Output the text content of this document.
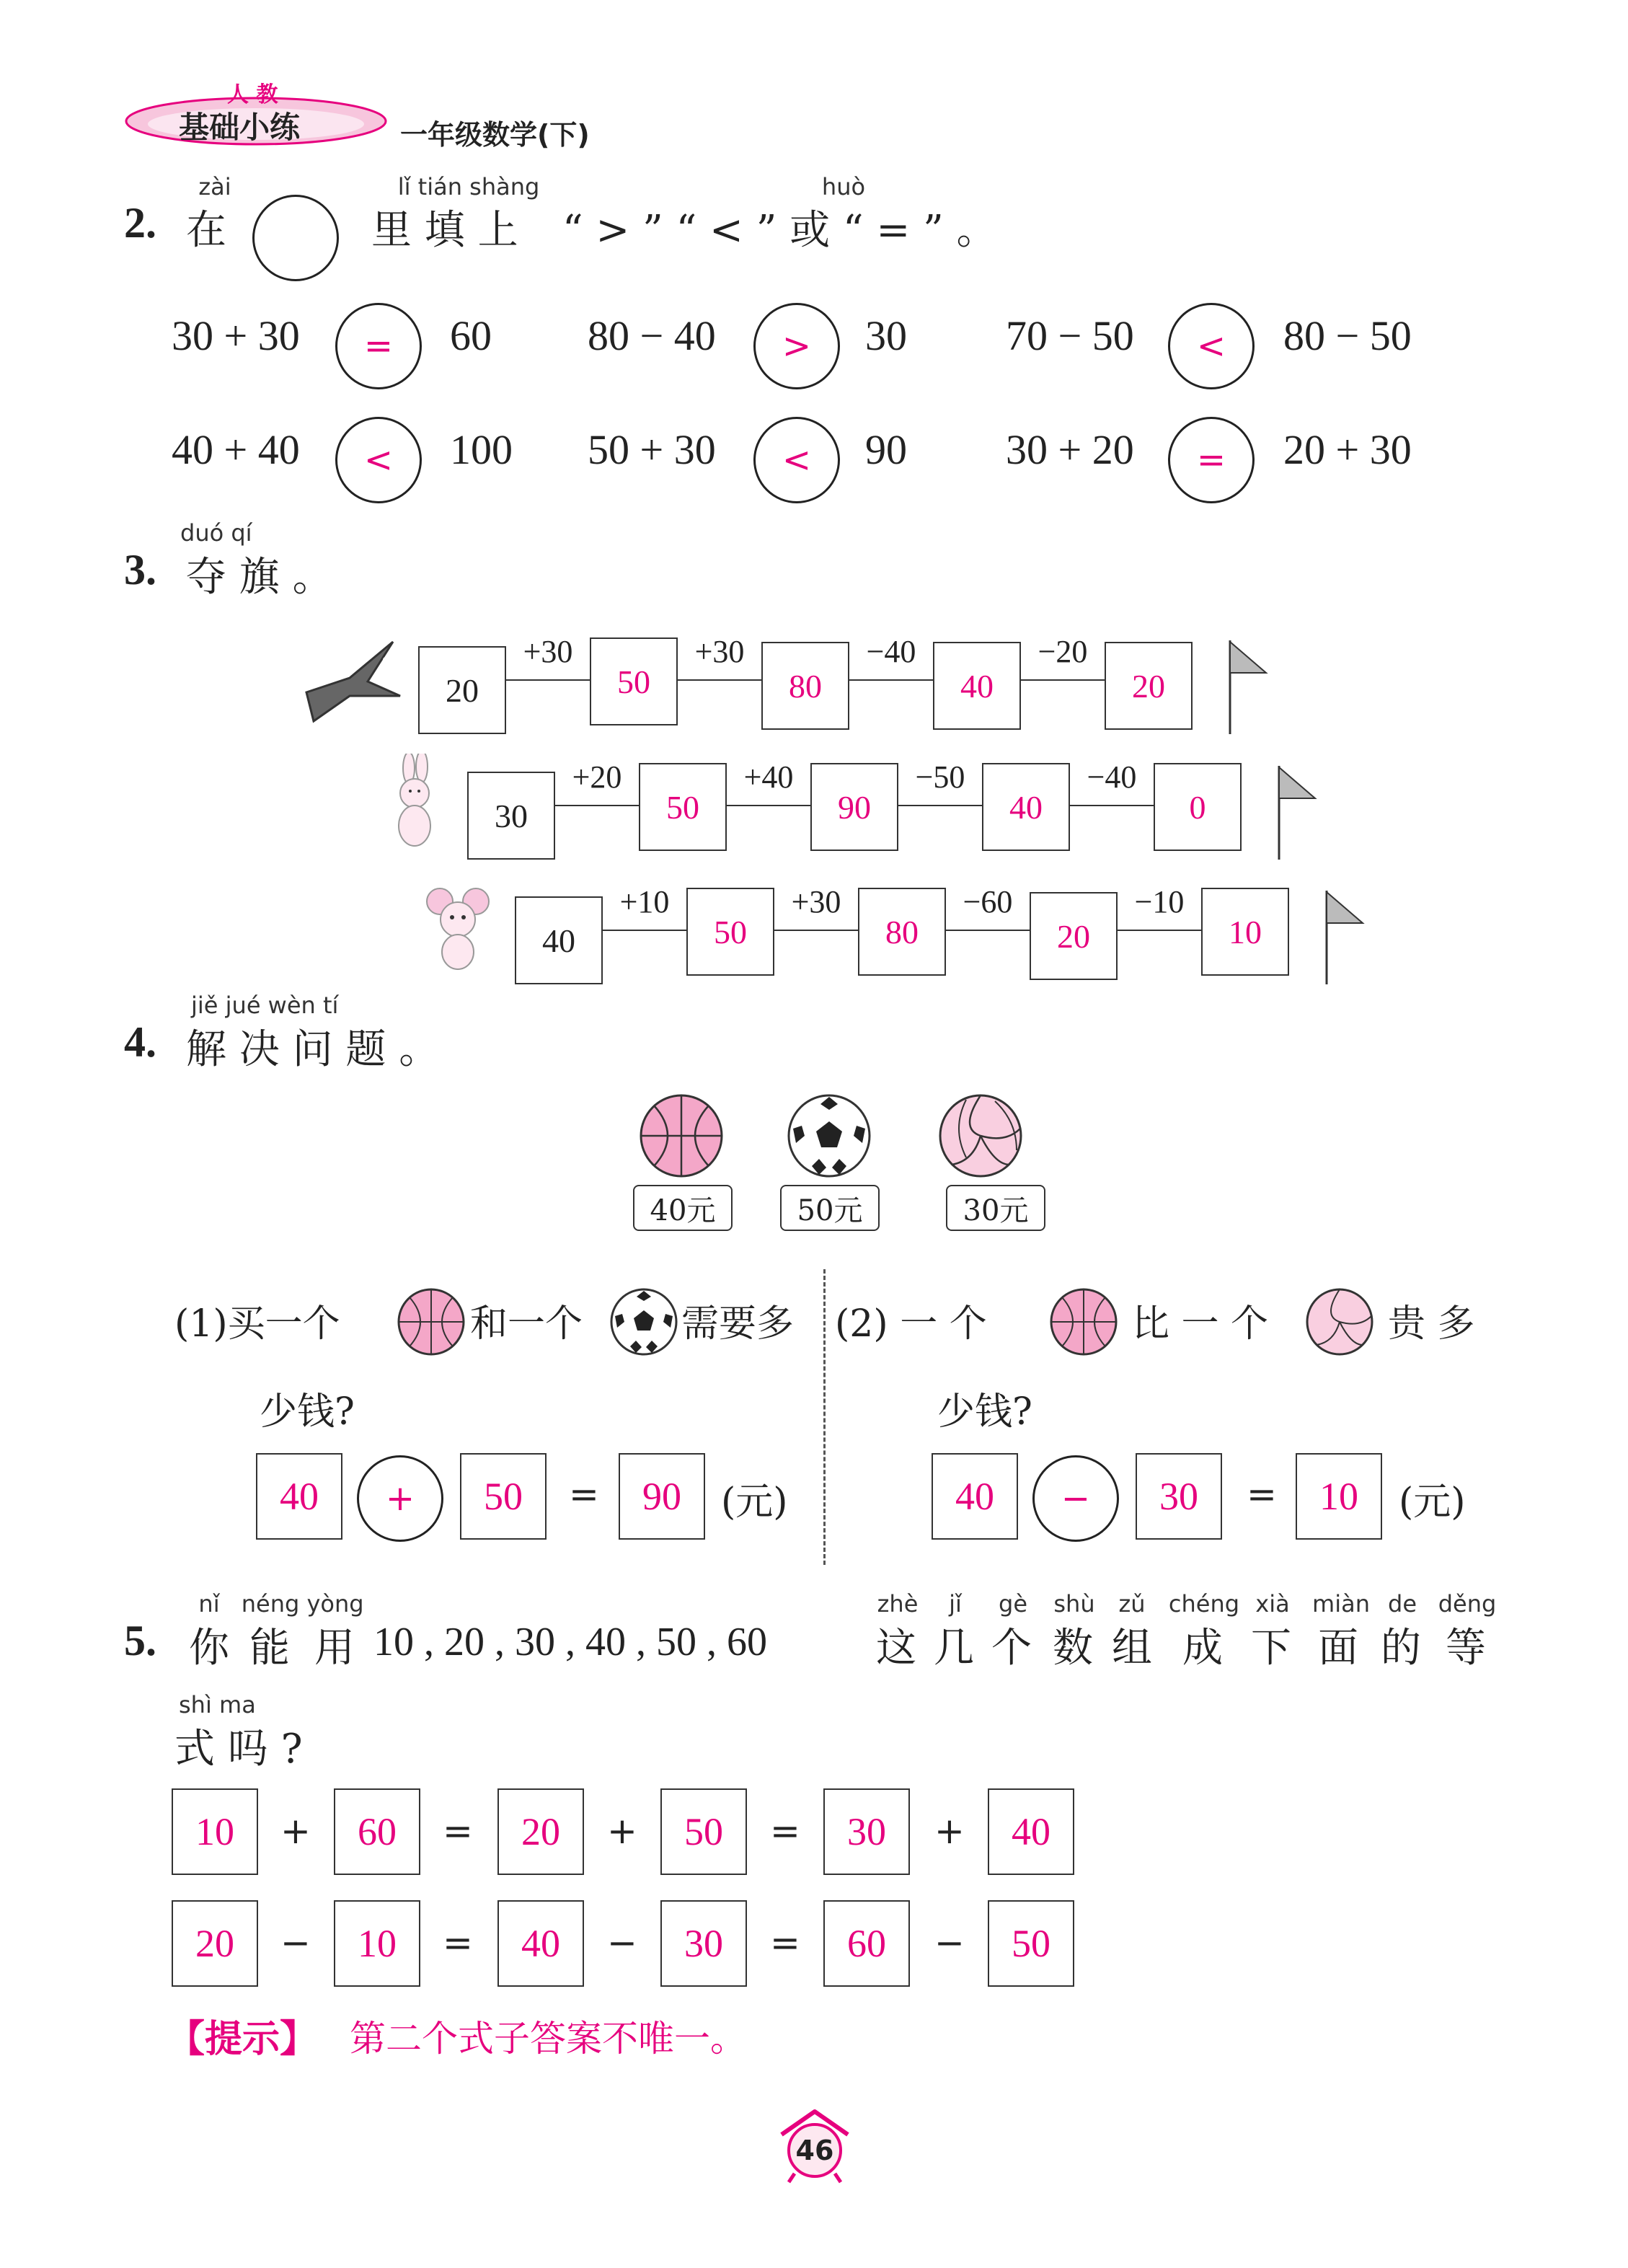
人 教
基础小练	一年级数学(下)
zài	lǐ tián shàng	huò
2. 在	里 填 上 “ > ” “ < ” 或 “ = ” 。
30 + 30	=	60 80 − 40	>	30 70 − 50	<	80 − 50
40 + 40	<	100 50 + 30	<	90 30 + 20	=	20 + 30
duó qí
3. 夺 旗 。
20
+30
50
+30
80
−40
40
−20
20
30
+20
50
+40
90
−50
40
−40
0
40
+10
50
+30
80
−60
20
−10
10
jiě jué wèn tí
4. 解 决 问 题 。
40元	50元	30元
(1)买一个	和一个	需要多
少钱?
40	+	50	=	90	(元)
(2) 一 个	比 一 个	贵 多
少钱?
40	−	30	=	10	(元)
nǐ néng yòng	zhè	jǐ	gè	shù	zǔ	chéng xià miàn de děng
5. 你 能 用 10 , 20 , 30 , 40 , 50 , 60	这 几 个 数 组 成 下 面 的 等
shì ma
式 吗 ?
10	+	60	=	20	+	50	=	30	+	40
20	−	10	=	40	−	30	=	60	−	50
【提示】 第二个式子答案不唯一。
46
